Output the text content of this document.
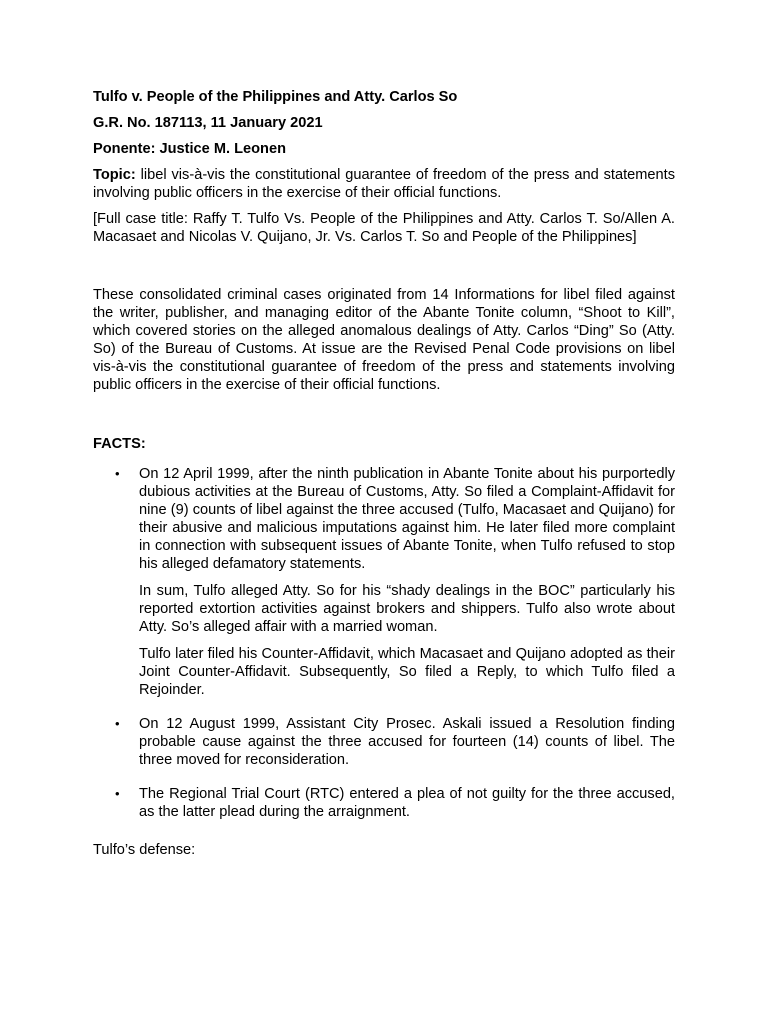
Tulfo v. People of the Philippines and Atty. Carlos So
G.R. No. 187113, 11 January 2021
Ponente: Justice M. Leonen

Topic: libel vis-à-vis the constitutional guarantee of freedom of the press and statements involving public officers in the exercise of their official functions.

[Full case title: Raffy T. Tulfo Vs. People of the Philippines and Atty. Carlos T. So/Allen A. Macasaet and Nicolas V. Quijano, Jr. Vs. Carlos T. So and People of the Philippines]

These consolidated criminal cases originated from 14 Informations for libel filed against the writer, publisher, and managing editor of the Abante Tonite column, “Shoot to Kill”, which covered stories on the alleged anomalous dealings of Atty. Carlos “Ding” So (Atty. So) of the Bureau of Customs. At issue are the Revised Penal Code provisions on libel vis-à-vis the constitutional guarantee of freedom of the press and statements involving public officers in the exercise of their official functions.

FACTS:
• On 12 April 1999, after the ninth publication in Abante Tonite about his purportedly dubious activities at the Bureau of Customs, Atty. So filed a Complaint-Affidavit for nine (9) counts of libel against the three accused (Tulfo, Macasaet and Quijano) for their abusive and malicious imputations against him. He later filed more complaint in connection with subsequent issues of Abante Tonite, when Tulfo refused to stop his alleged defamatory statements.

In sum, Tulfo alleged Atty. So for his “shady dealings in the BOC” particularly his reported extortion activities against brokers and shippers. Tulfo also wrote about Atty. So’s alleged affair with a married woman.

Tulfo later filed his Counter-Affidavit, which Macasaet and Quijano adopted as their Joint Counter-Affidavit. Subsequently, So filed a Reply, to which Tulfo filed a Rejoinder.

• On 12 August 1999, Assistant City Prosec. Askali issued a Resolution finding probable cause against the three accused for fourteen (14) counts of libel. The three moved for reconsideration.

• The Regional Trial Court (RTC) entered a plea of not guilty for the three accused, as the latter plead during the arraignment.

Tulfo’s defense:
